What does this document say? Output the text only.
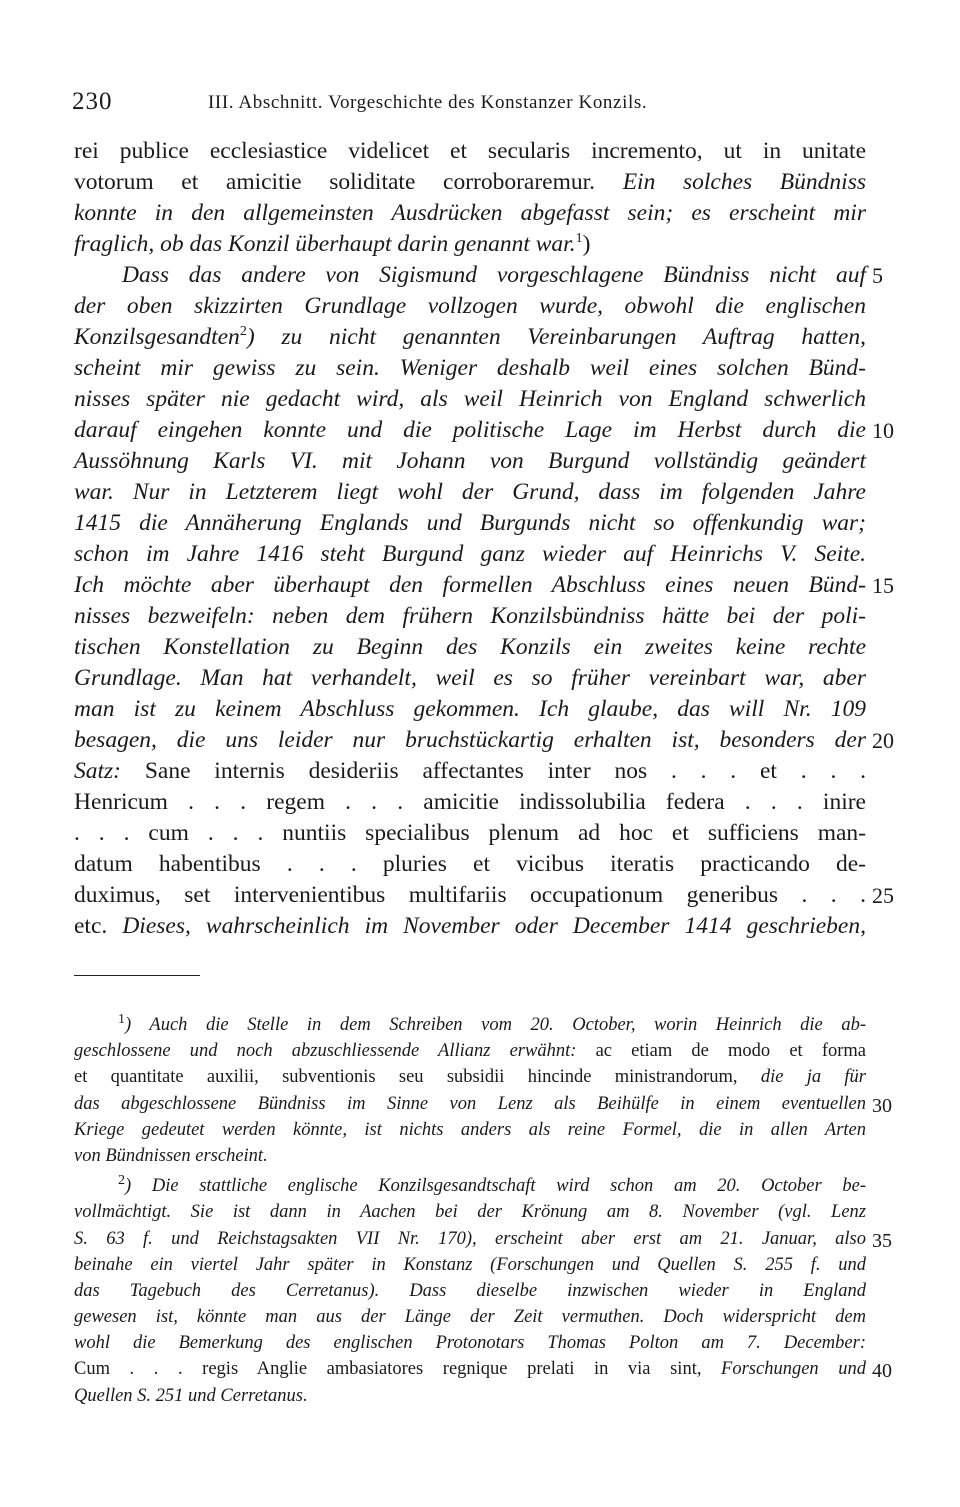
230	III. Abschnitt. Vorgeschichte des Konstanzer Konzils.
rei publice ecclesiastice videlicet et secularis incremento, ut in unitate
votorum et amicitie soliditate corroboraremur. Ein solches Bündniss
konnte in den allgemeinsten Ausdrücken abgefasst sein; es erscheint mir
fraglich, ob das Konzil überhaupt darin genannt war.$^1$)
Dass das andere von Sigismund vorgeschlagene Bündniss nicht auf
der oben skizzirten Grundlage vollzogen wurde, obwohl die englischen
Konzilsgesandten$^2$) zu nicht genannten Vereinbarungen Auftrag hatten,
scheint mir gewiss zu sein. Weniger deshalb weil eines solchen Bünd-
nisses später nie gedacht wird, als weil Heinrich von England schwerlich
darauf eingehen konnte und die politische Lage im Herbst durch die
Aussöhnung Karls VI. mit Johann von Burgund vollständig geändert
war. Nur in Letzterem liegt wohl der Grund, dass im folgenden Jahre
1415 die Annäherung Englands und Burgunds nicht so offenkundig war;
schon im Jahre 1416 steht Burgund ganz wieder auf Heinrichs V. Seite.
Ich möchte aber überhaupt den formellen Abschluss eines neuen Bünd-
nisses bezweifeln: neben dem frühern Konzilsbündniss hätte bei der poli-
tischen Konstellation zu Beginn des Konzils ein zweites keine rechte
Grundlage. Man hat verhandelt, weil es so früher vereinbart war, aber
man ist zu keinem Abschluss gekommen. Ich glaube, das will Nr. 109
besagen, die uns leider nur bruchstückartig erhalten ist, besonders der
Satz: Sane internis desideriis affectantes inter nos . . . et . . .
Henricum . . . regem . . . amicitie indissolubilia federa . . . inire
. . . cum . . . nuntiis specialibus plenum ad hoc et sufficiens man-
datum habentibus . . . pluries et vicibus iteratis practicando de-
duximus, set intervenientibus multifariis occupationum generibus . . .
etc. Dieses, wahrscheinlich im November oder December 1414 geschrieben,
5
10
15
20
25
$^1$) Auch die Stelle in dem Schreiben vom 20. October, worin Heinrich die ab-
geschlossene und noch abzuschliessende Allianz erwähnt: ac etiam de modo et forma
et quantitate auxilii, subventionis seu subsidii hincinde ministrandorum, die ja für
das abgeschlossene Bündniss im Sinne von Lenz als Beihülfe in einem eventuellen
Kriege gedeutet werden könnte, ist nichts anders als reine Formel, die in allen Arten
von Bündnissen erscheint.
$^2$) Die stattliche englische Konzilsgesandtschaft wird schon am 20. October be-
vollmächtigt. Sie ist dann in Aachen bei der Krönung am 8. November (vgl. Lenz
S. 63 f. und Reichstagsakten VII Nr. 170), erscheint aber erst am 21. Januar, also
beinahe ein viertel Jahr später in Konstanz (Forschungen und Quellen S. 255 f. und
das Tagebuch des Cerretanus). Dass dieselbe inzwischen wieder in England
gewesen ist, könnte man aus der Länge der Zeit vermuthen. Doch widerspricht dem
wohl die Bemerkung des englischen Protonotars Thomas Polton am 7. December:
Cum . . . regis Anglie ambasiatores regnique prelati in via sint, Forschungen und
Quellen S. 251 und Cerretanus.
30
35
40
